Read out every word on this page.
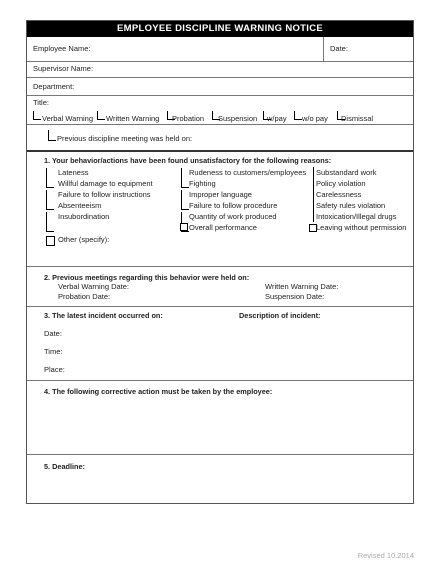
EMPLOYEE DISCIPLINE WARNING NOTICE
Employee Name:	Date:
Supervisor Name:
Department:
Title:
Verbal Warning Written Warning Probation Suspension w/pay w/o pay Dismissal
Previous discipline meeting was held on:
1. Your behavior/actions have been found unsatisfactory for the following reasons:
Lateness
Willful damage to equipment
Failure to follow instructions
Absenteeism
Insubordination
Rudeness to customers/employees
Fighting
Improper language
Failure to follow procedure
Quantity of work produced
Overall performance
Substandard work
Policy violation
Carelessness
Safety rules violation
Intoxication/Illegal drugs
Leaving without permission
Other (specify):
2. Previous meetings regarding this behavior were held on:
Verbal Warning Date:	Written Warning Date:
Probation Date:	Suspension Date:
3. The latest incident occurred on:	Description of incident:
Date:
Time:
Place:
4. The following corrective action must be taken by the employee:
5. Deadline:
Revised 10.2014
